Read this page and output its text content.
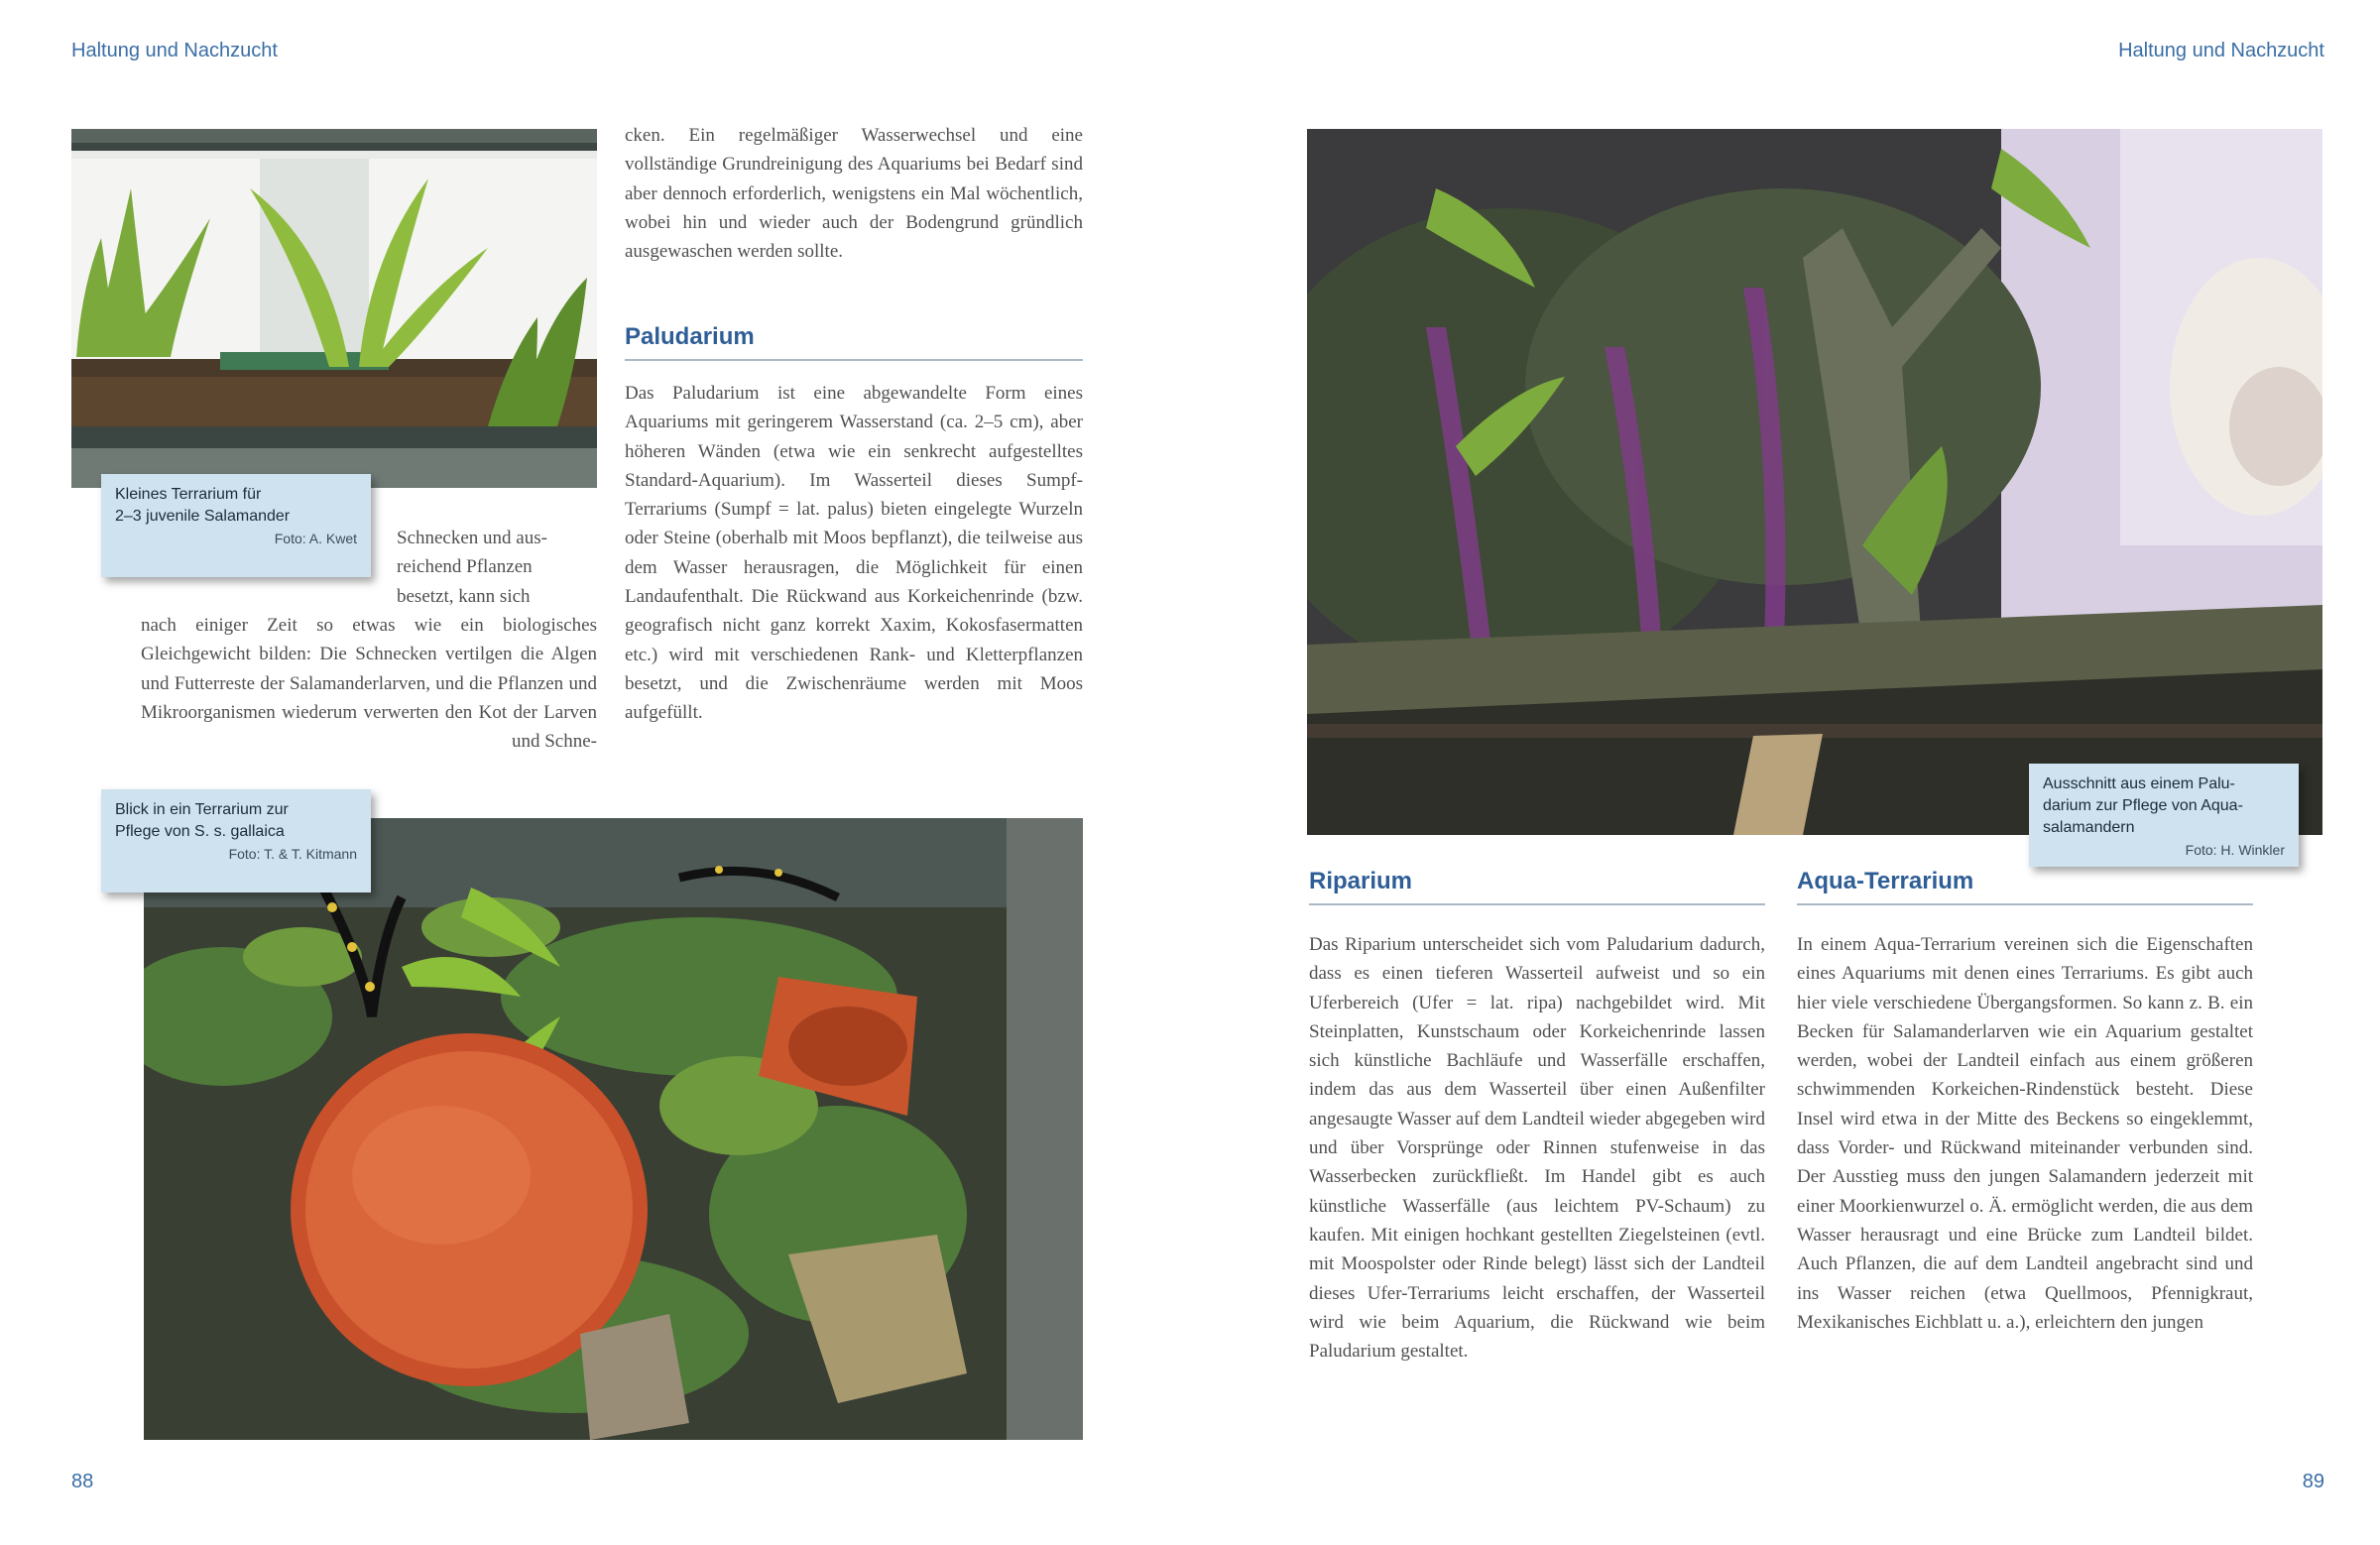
Haltung und Nachzucht	Haltung und Nachzucht
88	89
Kleines Terrarium für
2–3 juvenile Salamander
Foto: A. Kwet

cken. Ein regelmäßiger Wasserwechsel und eine vollständige Grundreinigung des Aquariums bei Bedarf sind aber dennoch erforderlich, wenigstens ein Mal wöchentlich, wobei hin und wieder auch der Bodengrund gründlich ausgewaschen werden sollte.

Paludarium

Das Paludarium ist eine abgewandelte Form eines Aquariums mit geringerem Wasserstand (ca. 2–5 cm), aber höheren Wänden (etwa wie ein senkrecht aufgestelltes Standard-Aquarium). Im Wasserteil dieses Sumpf-Terrariums (Sumpf = lat. palus) bieten eingelegte Wurzeln oder Steine (oberhalb mit Moos bepflanzt), die teilweise aus dem Wasser herausragen, die Möglichkeit für einen Landaufenthalt. Die Rückwand aus Korkeichenrinde (bzw. geografisch nicht ganz korrekt Xaxim, Kokosfasermatten etc.) wird mit verschiedenen Rank- und Kletterpflanzen besetzt, und die Zwischenräume werden mit Moos aufgefüllt.

Schnecken und aus-

reichend Pflanzen

besetzt, kann sich

nach einiger Zeit so etwas wie ein biologisches Gleichgewicht bilden: Die Schnecken vertilgen die Algen und Futterreste der Salamanderlarven, und die Pflanzen und Mikroorganismen wiederum verwerten den Kot der Larven und Schne-

Blick in ein Terrarium zur
Pflege von S. s. gallaica
Foto: T. & T. Kitmann
Ausschnitt aus einem Palu-
darium zur Pflege von Aqua-
salamandern
Foto: H. Winkler
Riparium

Das Riparium unterscheidet sich vom Paludarium dadurch, dass es einen tieferen Wasserteil aufweist und so ein Uferbereich (Ufer = lat. ripa) nachgebildet wird. Mit Steinplatten, Kunstschaum oder Korkeichenrinde lassen sich künstliche Bachläufe und Wasserfälle erschaffen, indem das aus dem Wasserteil über einen Außenfilter angesaugte Wasser auf dem Landteil wieder abgegeben wird und über Vorsprünge oder Rinnen stufenweise in das Wasserbecken zurückfließt. Im Handel gibt es auch künstliche Wasserfälle (aus leichtem PV-Schaum) zu kaufen. Mit einigen hochkant gestellten Ziegelsteinen (evtl. mit Moospolster oder Rinde belegt) lässt sich der Landteil dieses Ufer-Terrariums leicht erschaffen, der Wasserteil wird wie beim Aquarium, die Rückwand wie beim Paludarium gestaltet.

Aqua-Terrarium

In einem Aqua-Terrarium vereinen sich die Eigenschaften eines Aquariums mit denen eines Terrariums. Es gibt auch hier viele verschiedene Übergangsformen. So kann z. B. ein Becken für Salamanderlarven wie ein Aquarium gestaltet werden, wobei der Landteil einfach aus einem größeren schwimmenden Korkeichen-Rindenstück besteht. Diese Insel wird etwa in der Mitte des Beckens so eingeklemmt, dass Vorder- und Rückwand miteinander verbunden sind. Der Ausstieg muss den jungen Salamandern jederzeit mit einer Moorkienwurzel o. Ä. ermöglicht werden, die aus dem Wasser herausragt und eine Brücke zum Landteil bildet. Auch Pflanzen, die auf dem Landteil angebracht sind und ins Wasser reichen (etwa Quellmoos, Pfennigkraut, Mexikanisches Eichblatt u. a.), erleichtern den jungen
